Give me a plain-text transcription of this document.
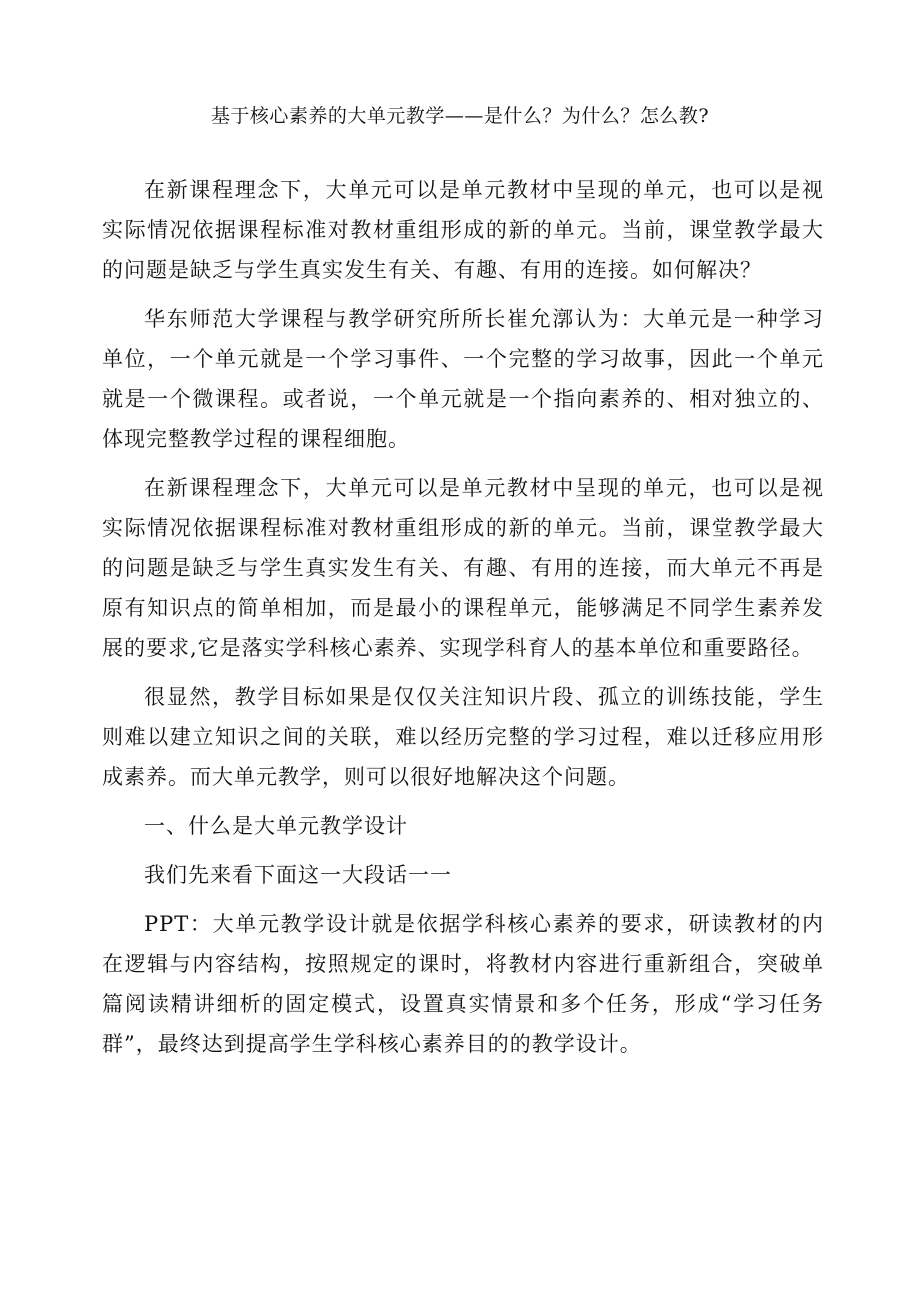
基于核心素养的大单元教学——是什么？为什么？怎么教?

在新课程理念下，大单元可以是单元教材中呈现的单元，也可以是视实际情况依据课程标准对教材重组形成的新的单元。当前，课堂教学最大的问题是缺乏与学生真实发生有关、有趣、有用的连接。如何解决？

华东师范大学课程与教学研究所所长崔允漷认为：大单元是一种学习单位，一个单元就是一个学习事件、一个完整的学习故事，因此一个单元就是一个微课程。或者说，一个单元就是一个指向素养的、相对独立的、体现完整教学过程的课程细胞。

在新课程理念下，大单元可以是单元教材中呈现的单元，也可以是视实际情况依据课程标准对教材重组形成的新的单元。当前，课堂教学最大的问题是缺乏与学生真实发生有关、有趣、有用的连接，而大单元不再是原有知识点的简单相加，而是最小的课程单元，能够满足不同学生素养发展的要求,它是落实学科核心素养、实现学科育人的基本单位和重要路径。

很显然，教学目标如果是仅仅关注知识片段、孤立的训练技能，学生则难以建立知识之间的关联，难以经历完整的学习过程，难以迁移应用形成素养。而大单元教学，则可以很好地解决这个问题。

一、什么是大单元教学设计

我们先来看下面这一大段话一一

PPT：大单元教学设计就是依据学科核心素养的要求，研读教材的内在逻辑与内容结构，按照规定的课时，将教材内容进行重新组合，突破单篇阅读精讲细析的固定模式，设置真实情景和多个任务，形成“学习任务群”，最终达到提高学生学科核心素养目的的教学设计。
